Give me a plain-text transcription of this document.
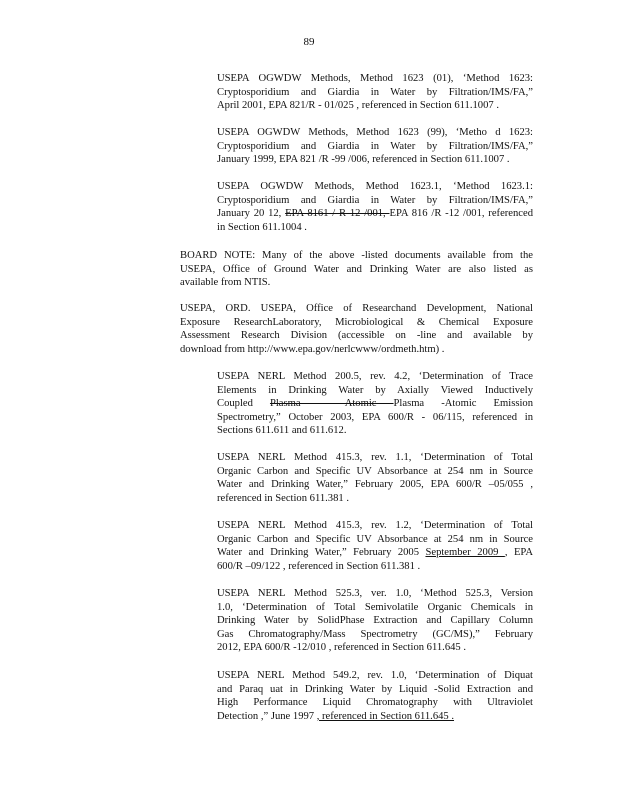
89
USEPA OGWDW Methods, Method 1623 (01), ‘Method 1623:
Cryptosporidium and Giardia in Water by Filtration/IMS/FA,”
April 2001, EPA 821/R - 01/025 , referenced in Section 611.1007 .
USEPA OGWDW Methods, Method 1623 (99), ‘Metho d 1623:
Cryptosporidium and Giardia in Water by Filtration/IMS/FA,”
January 1999, EPA 821 /R -99 /006, referenced in Section 611.1007 .
USEPA OGWDW Methods, Method 1623.1, ‘Method 1623.1:
Cryptosporidium and Giardia in Water by Filtration/IMS/FA,”
January 20 12, EPA 8161 / R 12 /001, EPA 816 /R -12 /001, referenced
in Section 611.1004 .
BOARD NOTE: Many of the above -listed documents available from the
USEPA, Office of Ground Water and Drinking Water are also listed as
available from NTIS.
USEPA, ORD. USEPA, Office of Researchand Development, National
Exposure ResearchLaboratory, Microbiological & Chemical Exposure
Assessment Research Division (accessible on -line and available by
download from http://www.epa.gov/nerlcwww/ordmeth.htm) .
USEPA NERL Method 200.5, rev. 4.2, ‘Determination of Trace
Elements in Drinking Water by Axially Viewed Inductively
Coupled Plasma — Atomic Plasma -Atomic Emission
Spectrometry,” October 2003, EPA 600/R - 06/115, referenced in
Sections 611.611 and 611.612.
USEPA NERL Method 415.3, rev. 1.1, ‘Determination of Total
Organic Carbon and Specific UV Absorbance at 254 nm in Source
Water and Drinking Water,” February 2005, EPA 600/R –05/055 ,
referenced in Section 611.381 .
USEPA NERL Method 415.3, rev. 1.2, ‘Determination of Total
Organic Carbon and Specific UV Absorbance at 254 nm in Source
Water and Drinking Water,” February 2005 September 2009 , EPA
600/R –09/122 , referenced in Section 611.381 .
USEPA NERL Method 525.3, ver. 1.0, ‘Method 525.3, Version
1.0, ‘Determination of Total Semivolatile Organic Chemicals in
Drinking Water by SolidPhase Extraction and Capillary Column
Gas Chromatography/Mass Spectrometry (GC/MS),” February
2012, EPA 600/R -12/010 , referenced in Section 611.645 .
USEPA NERL Method 549.2, rev. 1.0, ‘Determination of Diquat
and Paraq uat in Drinking Water by Liquid -Solid Extraction and
High Performance Liquid Chromatography with Ultraviolet
Detection ,” June 1997 , referenced in Section 611.645 .
